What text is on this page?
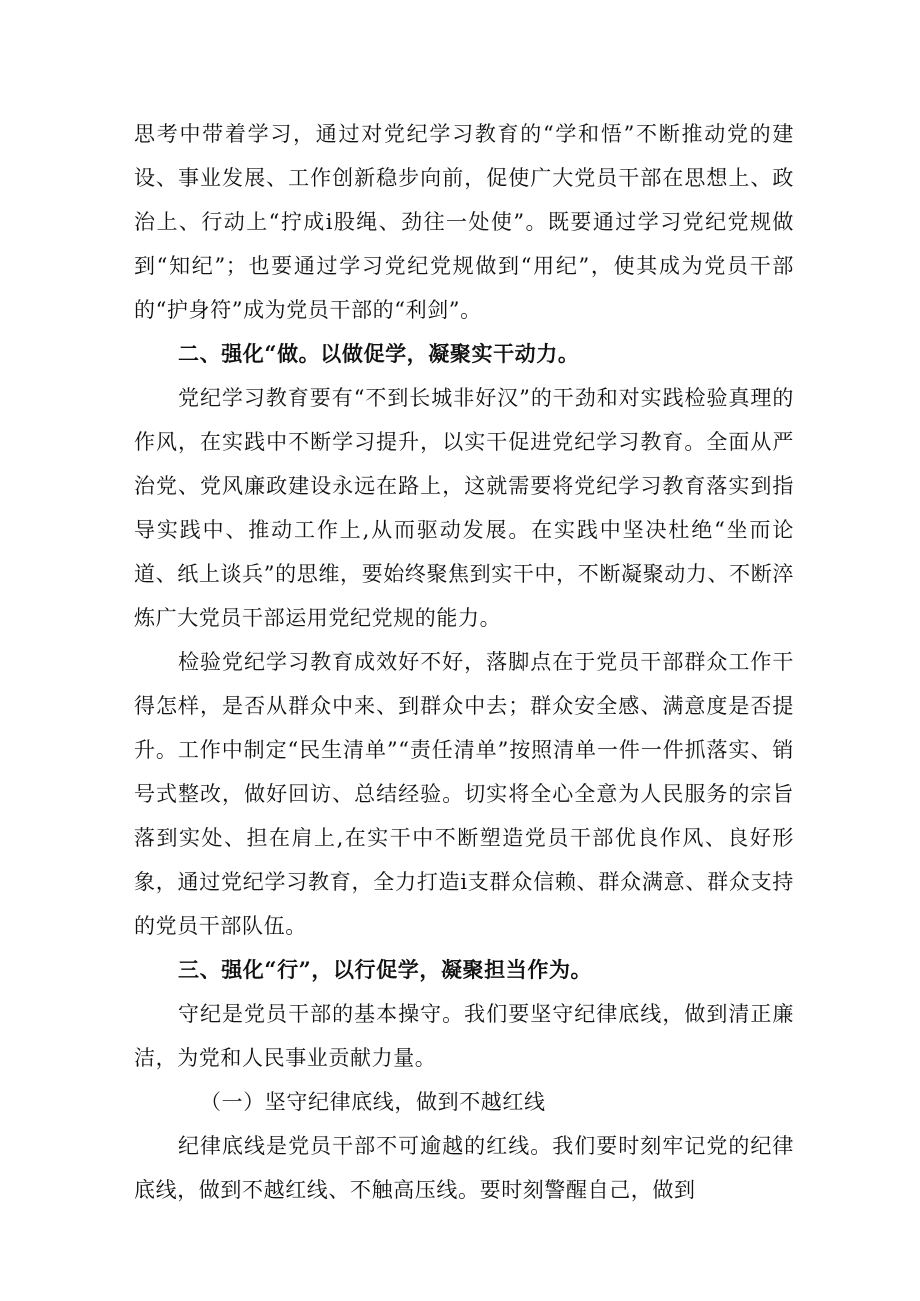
思考中带着学习，通过对党纪学习教育的“学和悟”不断推动党的建设、事业发展、工作创新稳步向前，促使广大党员干部在思想上、政治上、行动上“拧成i股绳、劲往一处使”。既要通过学习党纪党规做到“知纪”；也要通过学习党纪党规做到“用纪”，使其成为党员干部的“护身符”成为党员干部的“利剑”。

二、强化“做。以做促学，凝聚实干动力。

党纪学习教育要有“不到长城非好汉”的干劲和对实践检验真理的作风，在实践中不断学习提升，以实干促进党纪学习教育。全面从严治党、党风廉政建设永远在路上，这就需要将党纪学习教育落实到指导实践中、推动工作上,从而驱动发展。在实践中坚决杜绝“坐而论道、纸上谈兵”的思维，要始终聚焦到实干中，不断凝聚动力、不断淬炼广大党员干部运用党纪党规的能力。

检验党纪学习教育成效好不好，落脚点在于党员干部群众工作干得怎样，是否从群众中来、到群众中去；群众安全感、满意度是否提升。工作中制定“民生清单”“责任清单”按照清单一件一件抓落实、销号式整改，做好回访、总结经验。切实将全心全意为人民服务的宗旨落到实处、担在肩上,在实干中不断塑造党员干部优良作风、良好形象，通过党纪学习教育，全力打造i支群众信赖、群众满意、群众支持的党员干部队伍。

三、强化“行”，以行促学，凝聚担当作为。

守纪是党员干部的基本操守。我们要坚守纪律底线，做到清正廉洁，为党和人民事业贡献力量。

（一）坚守纪律底线，做到不越红线

纪律底线是党员干部不可逾越的红线。我们要时刻牢记党的纪律底线，做到不越红线、不触高压线。要时刻警醒自己，做到
